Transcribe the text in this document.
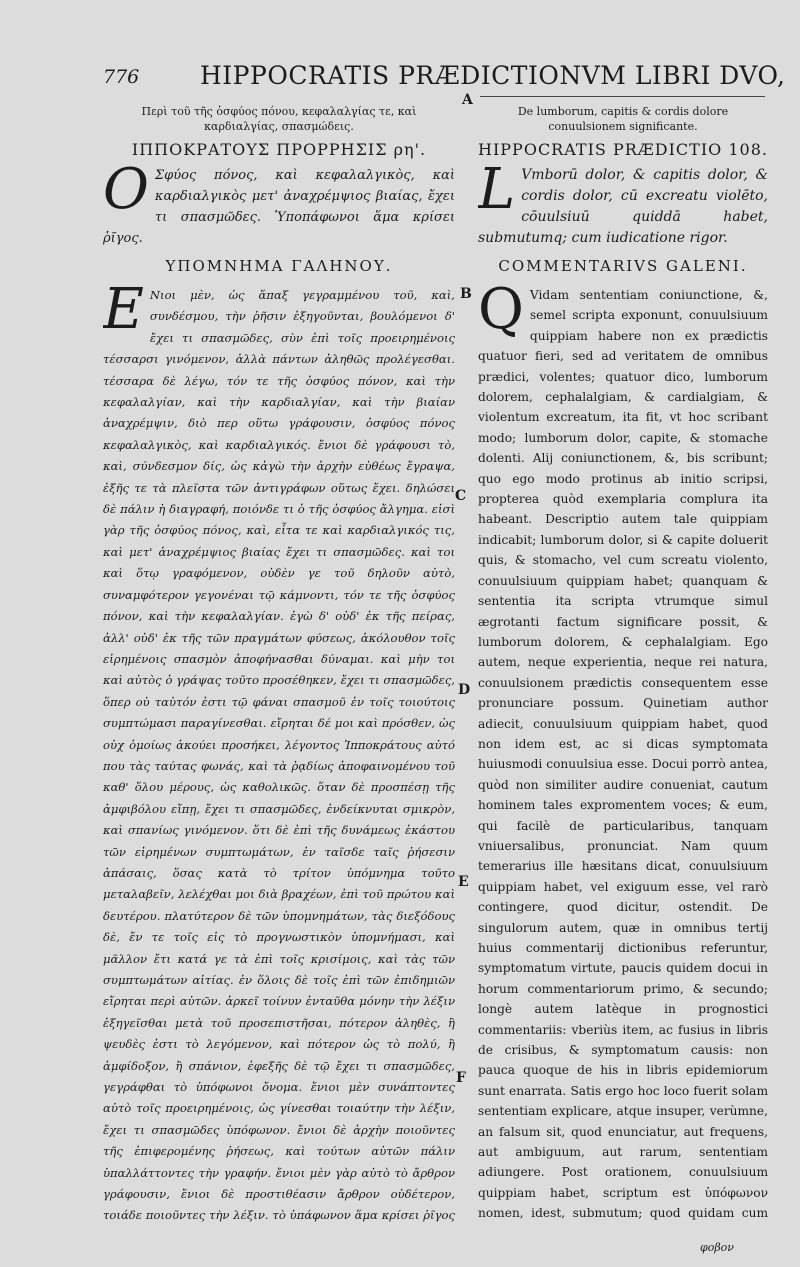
776 HIPPOCRATIS PRÆDICTIONVM LIBRI DVO,
A
B
C
D
E
F
Περὶ τοῦ τῆς ὀσφύος πόνου, κεφαλαλγίας τε, καὶ καρδιαλγίας, σπασμώδεις.
ΙΠΠΟΚΡΑΤΟΥΣ ΠΡΟΡΡΗΣΙΣ ρη'.
Ο Σφύος πόνος, καὶ κεφαλαλγικὸς, καὶ καρδιαλγικὸς μετ' ἀναχρέμψιος βιαίας, ἔχει τι σπασμῶδες. Ὑποπάφωνοι ἅμα κρίσει ῥῖγος.
ΥΠΟΜΝΗΜΑ ΓΑΛΗΝΟΥ.
Ε Νιοι μὲν, ὡς ἅπαξ γεγραμμένου τοῦ, καὶ, συνδέσμου, τὴν ῥῆσιν ἐξηγοῦνται, βουλόμενοι δ' ἔχει τι σπασμῶδες, σὺν ἐπὶ τοῖς προειρημένοις τέσσαρσι γινόμενον, ἀλλὰ πάντων ἀληθῶς προλέγεσθαι. τέσσαρα δὲ λέγω, τόν τε τῆς ὀσφύος πόνον, καὶ τὴν κεφαλαλγίαν, καὶ τὴν καρδιαλγίαν, καὶ τὴν βιαίαν ἀναχρέμψιν, διὸ περ οὕτω γράφουσιν, ὀσφύος πόνος κεφαλαλγικὸς, καὶ καρδιαλγικός. ἔνιοι δὲ γράφουσι τὸ, καὶ, σύνδεσμον δίς, ὡς κἀγὼ τὴν ἀρχὴν εὐθέως ἔγραψα, ἐξῆς τε τὰ πλεῖστα τῶν ἀντιγράφων οὕτως ἔχει. δηλώσει δὲ πάλιν ἡ διαγραφή, ποιόνδε τι ὁ τῆς ὀσφύος ἄλγημα. εἰσὶ γὰρ τῆς ὀσφύος πόνος, καὶ, εἶτα τε καὶ καρδιαλγικός τις, καὶ μετ' ἀναχρέμψιος βιαίας ἔχει τι σπασμῶδες. καὶ τοι καὶ ὅτῳ γραφόμενον, οὐδὲν γε τοῦ δηλοῦν αὐτὸ, συναμφότερον γεγονέναι τῷ κάμνοντι, τόν τε τῆς ὀσφύος πόνον, καὶ τὴν κεφαλαλγίαν. ἐγὼ δ' οὐδ' ἐκ τῆς πείρας, ἀλλ' οὐδ' ἐκ τῆς τῶν πραγμάτων φύσεως, ἀκόλουθον τοῖς εἰρημένοις σπασμὸν ἀποφήνασθαι δύναμαι. καὶ μὴν τοι καὶ αὐτὸς ὁ γράψας τοῦτο προσέθηκεν, ἔχει τι σπασμῶδες, ὅπερ οὐ ταὐτόν ἐστι τῷ φάναι σπασμοῦ ἐν τοῖς τοιούτοις συμπτώμασι παραγίνεσθαι. εἴρηται δέ μοι καὶ πρόσθεν, ὡς οὐχ ὁμοίως ἀκούει προσήκει, λέγοντος Ἱπποκράτους αὐτό που τὰς ταύτας φωνάς, καὶ τὰ ῥᾳδίως ἀποφαινομένου τοῦ καθ' ὅλου μέρους, ὡς καθολικῶς. ὅταν δὲ προσπέσῃ τῆς ἀμφιβόλου εἴπῃ, ἔχει τι σπασμῶδες, ἐνδείκνυται σμικρὸν, καὶ σπανίως γινόμενον. ὅτι δὲ ἐπὶ τῆς δυνάμεως ἑκάστου τῶν εἰρημένων συμπτωμάτων, ἐν ταῖσδε ταῖς ῥήσεσιν ἁπάσαις, ὅσας κατὰ τὸ τρίτον ὑπόμνημα τοῦτο μεταλαβεῖν, λελέχθαι μοι διὰ βραχέων, ἐπὶ τοῦ πρώτου καὶ δευτέρου. πλατύτερον δὲ τῶν ὑπομνημάτων, τὰς διεξόδους δὲ, ἔν τε τοῖς εἰς τὸ προγνωστικὸν ὑπομνήμασι, καὶ μᾶλλον ἔτι κατά γε τὰ ἐπὶ τοῖς κρισίμοις, καὶ τὰς τῶν συμπτωμάτων αἰτίας. ἐν ὅλοις δὲ τοῖς ἐπὶ τῶν ἐπιδημιῶν εἴρηται περὶ αὐτῶν. ἀρκεῖ τοίνυν ἐνταῦθα μόνην τὴν λέξιν ἐξηγεῖσθαι μετὰ τοῦ προσεπιστῆσαι, πότερον ἀληθὲς, ἢ ψευδὲς ἐστι τὸ λεγόμενον, καὶ πότερον ὡς τὸ πολύ, ἢ ἀμφίδοξον, ἢ σπάνιον, ἐφεξῆς δὲ τῷ ἔχει τι σπασμῶδες, γεγράφθαι τὸ ὑπόφωνοι ὄνομα. ἔνιοι μὲν συνάπτοντες αὐτὸ τοῖς προειρημένοις, ὡς γίνεσθαι τοιαύτην τὴν λέξιν, ἔχει τι σπασμῶδες ὑπόφωνον. ἔνιοι δὲ ἀρχὴν ποιοῦντες τῆς ἐπιφερομένης ῥήσεως, καὶ τούτων αὐτῶν πάλιν ὑπαλλάττοντες τὴν γραφήν. ἔνιοι μὲν γὰρ αὐτὸ τὸ ἄρθρον γράφουσιν, ἔνιοι δὲ προστιθέασιν ἄρθρον οὐδέτερον, τοιάδε ποιοῦντες τὴν λέξιν. τὸ ὑπάφωνον ἅμα κρίσει ῥῖγος
De lumborum, capitis & cordis dolore conuulsionem significante.
HIPPOCRATIS PRÆDICTIO 108.
L Vmborū dolor, & capitis dolor, & cordis dolor, cū excreatu violēto, cōuulsiuū quiddā habet, submutumq; cum iudicatione rigor.
COMMENTARIVS GALENI.
Q Vidam sententiam coniunctione, &, semel scripta exponunt, conuulsiuum quippiam habere non ex prædictis quatuor fieri, sed ad veritatem de omnibus prædici, volentes; quatuor dico, lumborum dolorem, cephalalgiam, & cardialgiam, & violentum excreatum, ita fit, vt hoc scribant modo; lumborum dolor, capite, & stomache dolenti. Alij coniunctionem, &, bis scribunt; quo ego modo protinus ab initio scripsi, propterea quòd exemplaria complura ita habeant. Descriptio autem tale quippiam indicabit; lumborum dolor, si & capite doluerit quis, & stomacho, vel cum screatu violento, conuulsiuum quippiam habet; quanquam & sententia ita scripta vtrumque simul ægrotanti factum significare possit, & lumborum dolorem, & cephalalgiam. Ego autem, neque experientia, neque rei natura, conuulsionem prædictis consequentem esse pronunciare possum. Quinetiam author adiecit, conuulsiuum quippiam habet, quod non idem est, ac si dicas symptomata huiusmodi conuulsiua esse. Docui porrò antea, quòd non similiter audire conueniat, cautum hominem tales expromentem voces; & eum, qui facilè de particularibus, tanquam vniuersalibus, pronunciat. Nam quum temerarius ille hæsitans dicat, conuulsiuum quippiam habet, vel exiguum esse, vel rarò contingere, quod dicitur, ostendit. De singulorum autem, quæ in omnibus tertij huius commentarij dictionibus referuntur, symptomatum virtute, paucis quidem docui in horum commentariorum primo, & secundo; longè autem latèque in prognostici commentariis: vberiùs item, ac fusius in libris de crisibus, & symptomatum causis: non pauca quoque de his in libris epidemiorum sunt enarrata. Satis ergo hoc loco fuerit solam sententiam explicare, atque insuper, verùmne, an falsum sit, quod enunciatur, aut frequens, aut ambiguum, aut rarum, sententiam adiungere. Post orationem, conuulsiuum quippiam habet, scriptum est ὑπόφωνον nomen, idest, submutum; quod quidam cum
φοβον
